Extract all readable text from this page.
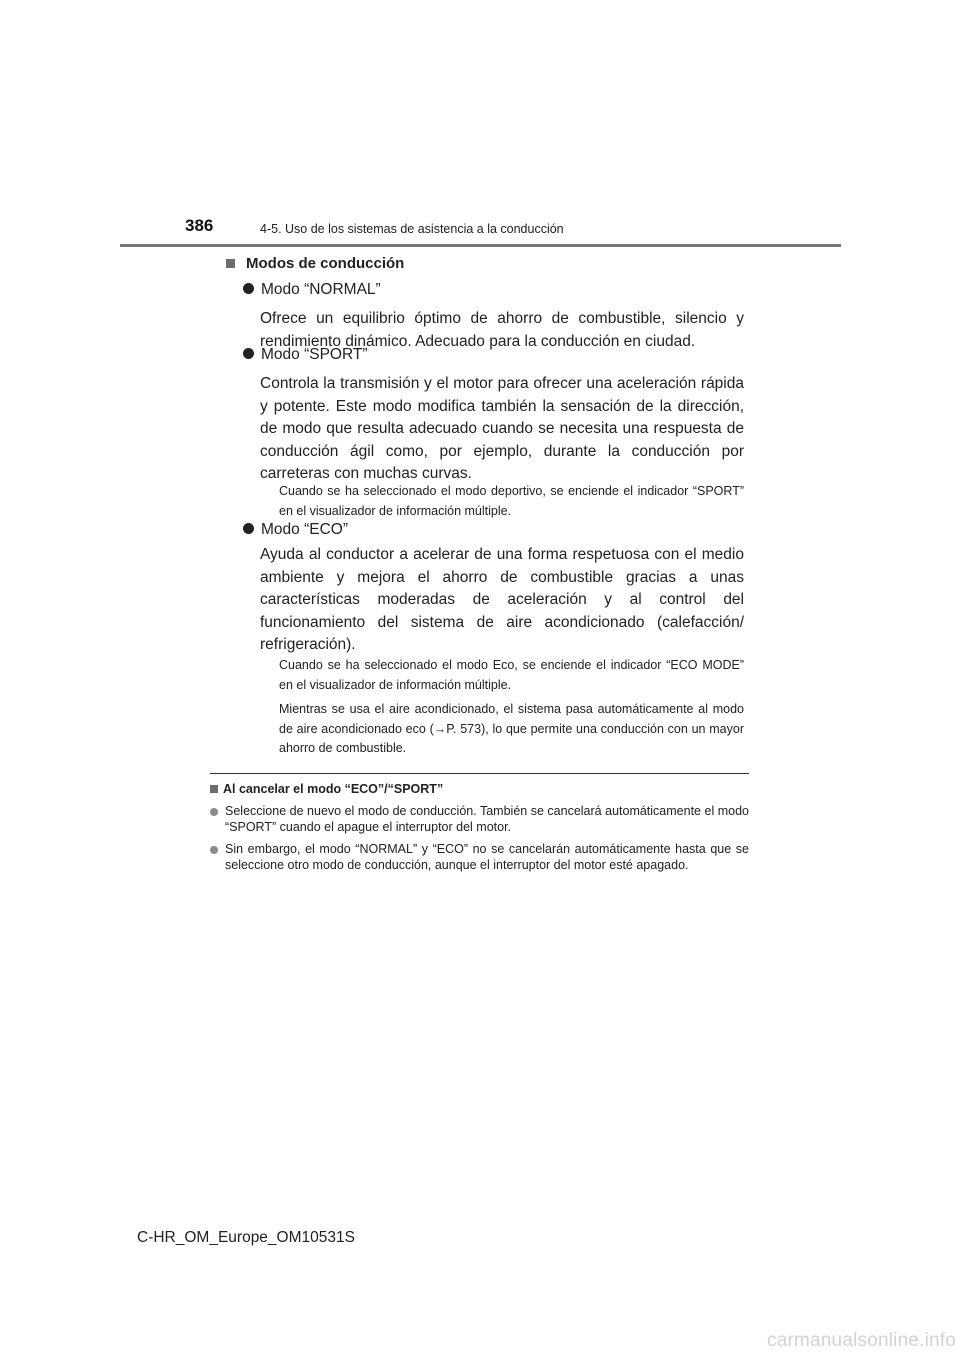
386	4-5. Uso de los sistemas de asistencia a la conducción
Modos de conducción
Modo “NORMAL”
Ofrece un equilibrio óptimo de ahorro de combustible, silencio y rendimiento dinámico. Adecuado para la conducción en ciudad.
Modo “SPORT”
Controla la transmisión y el motor para ofrecer una aceleración rápida y potente. Este modo modifica también la sensación de la dirección, de modo que resulta adecuado cuando se necesita una respuesta de conducción ágil como, por ejemplo, durante la conducción por carreteras con muchas curvas.
Cuando se ha seleccionado el modo deportivo, se enciende el indicador “SPORT” en el visualizador de información múltiple.
Modo “ECO”
Ayuda al conductor a acelerar de una forma respetuosa con el medio ambiente y mejora el ahorro de combustible gracias a unas características moderadas de aceleración y al control del funcionamiento del sistema de aire acondicionado (calefacción/ refrigeración).
Cuando se ha seleccionado el modo Eco, se enciende el indicador “ECO MODE” en el visualizador de información múltiple.
Mientras se usa el aire acondicionado, el sistema pasa automáticamente al modo de aire acondicionado eco (→P. 573), lo que permite una conducción con un mayor ahorro de combustible.
Al cancelar el modo “ECO”/“SPORT”
Seleccione de nuevo el modo de conducción. También se cancelará automáticamente el modo “SPORT” cuando el apague el interruptor del motor.
Sin embargo, el modo “NORMAL” y “ECO” no se cancelarán automáticamente hasta que se seleccione otro modo de conducción, aunque el interruptor del motor esté apagado.
C-HR_OM_Europe_OM10531S
carmanualsonline.info
